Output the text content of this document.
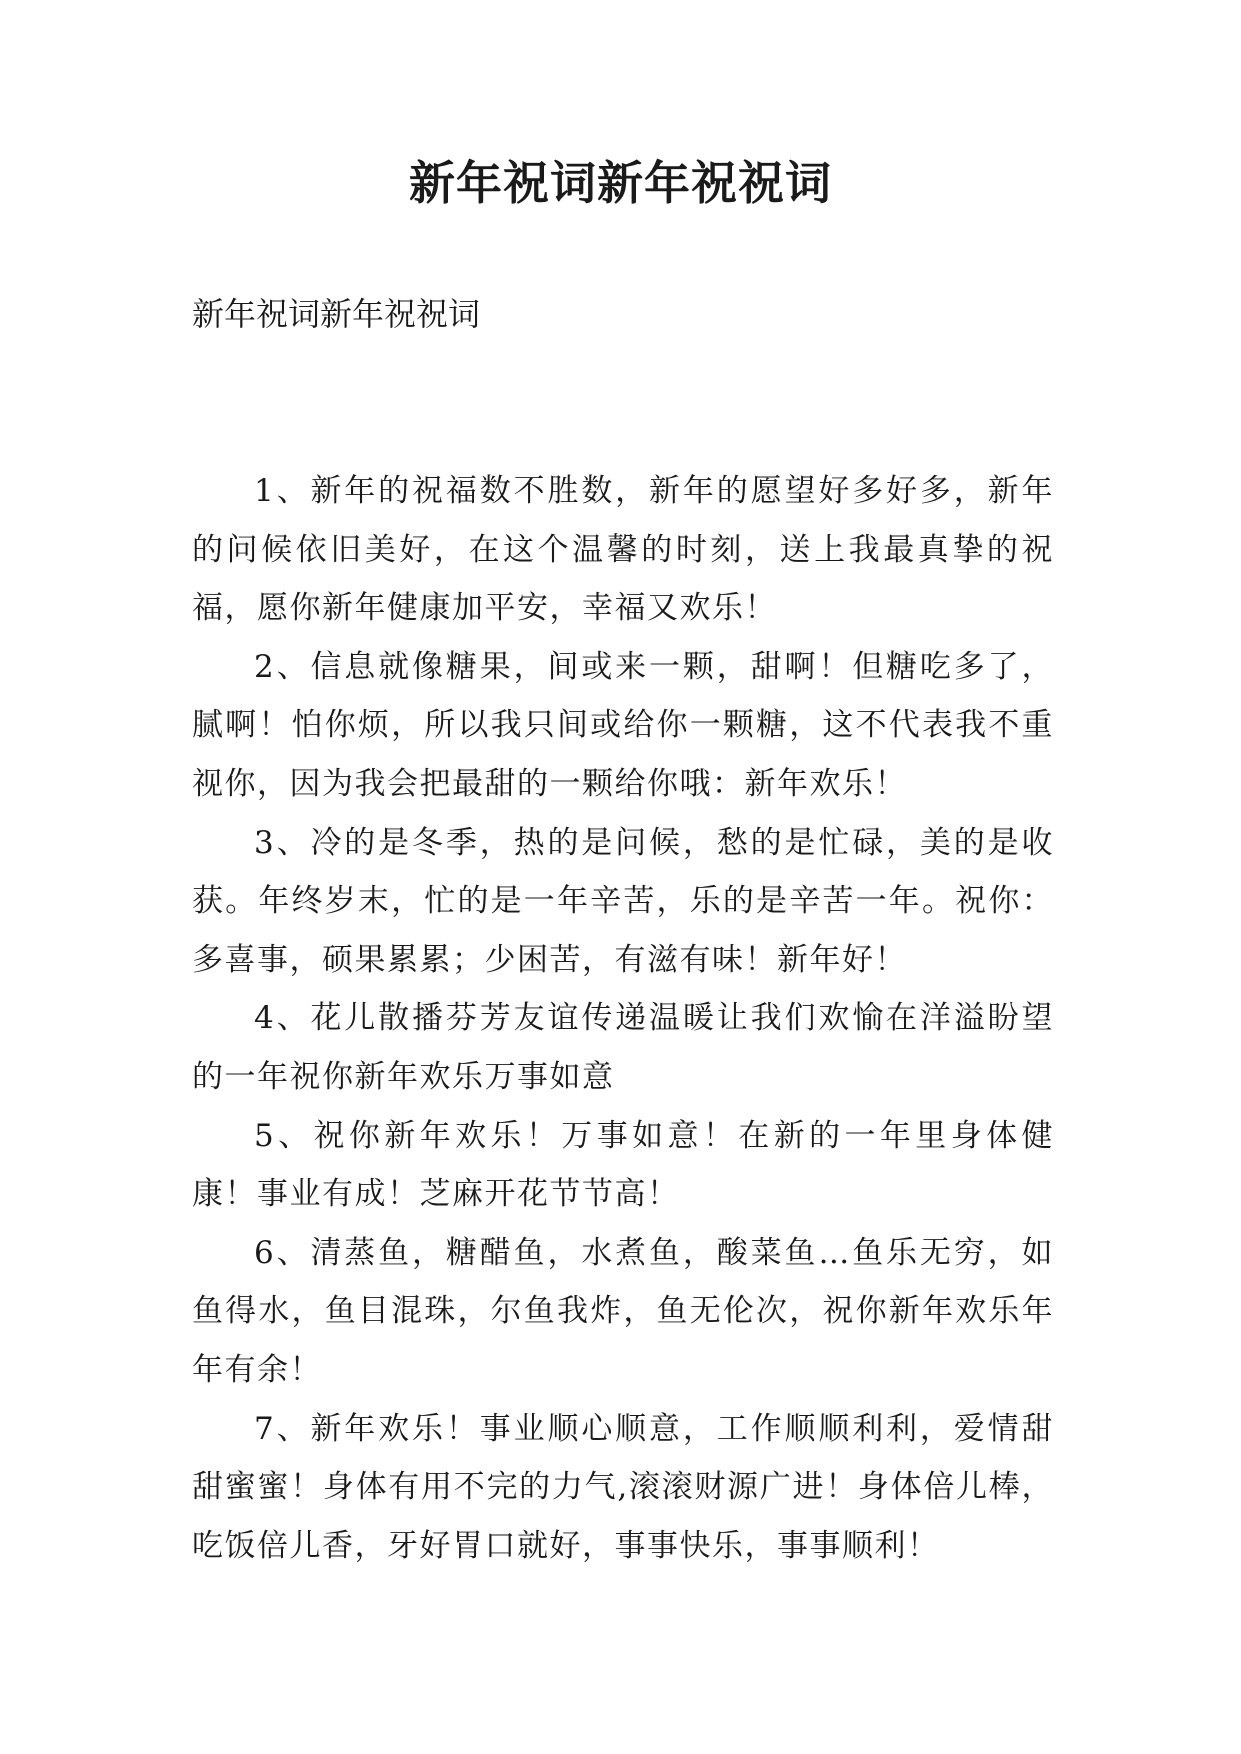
新年祝词新年祝祝词
新年祝词新年祝祝词

1、新年的祝福数不胜数，新年的愿望好多好多，新年的问候依旧美好，在这个温馨的时刻，送上我最真挚的祝福，愿你新年健康加平安，幸福又欢乐！

2、信息就像糖果，间或来一颗，甜啊！但糖吃多了，腻啊！怕你烦，所以我只间或给你一颗糖，这不代表我不重视你，因为我会把最甜的一颗给你哦：新年欢乐！

3、冷的是冬季，热的是问候，愁的是忙碌，美的是收获。年终岁末，忙的是一年辛苦，乐的是辛苦一年。祝你：多喜事，硕果累累；少困苦，有滋有味！新年好！

4、花儿散播芬芳友谊传递温暖让我们欢愉在洋溢盼望的一年祝你新年欢乐万事如意

5、祝你新年欢乐！万事如意！在新的一年里身体健康！事业有成！芝麻开花节节高！

6、清蒸鱼，糖醋鱼，水煮鱼，酸菜鱼…鱼乐无穷，如鱼得水，鱼目混珠，尔鱼我炸，鱼无伦次，祝你新年欢乐年年有余！

7、新年欢乐！事业顺心顺意，工作顺顺利利，爱情甜甜蜜蜜！身体有用不完的力气,滚滚财源广进！身体倍儿棒，吃饭倍儿香，牙好胃口就好，事事快乐，事事顺利！
